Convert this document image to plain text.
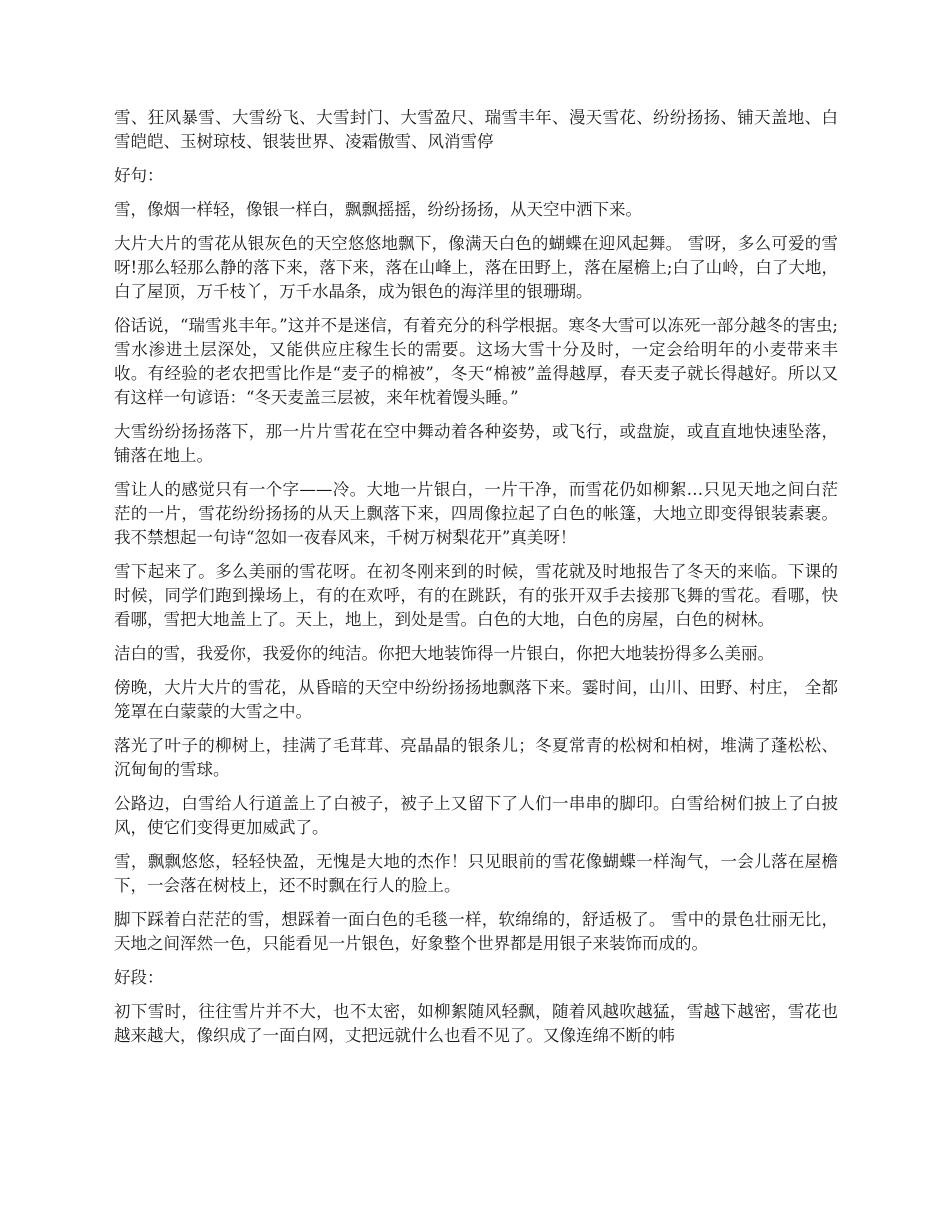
雪、狂风暴雪、大雪纷飞、大雪封门、大雪盈尺、瑞雪丰年、漫天雪花、纷纷扬扬、铺天盖地、白雪皑皑、玉树琼枝、银装世界、凌霜傲雪、风消雪停

好句：

雪，像烟一样轻，像银一样白，飘飘摇摇，纷纷扬扬，从天空中洒下来。

大片大片的雪花从银灰色的天空悠悠地飘下，像满天白色的蝴蝶在迎风起舞。 雪呀，多么可爱的雪呀!那么轻那么静的落下来，落下来，落在山峰上，落在田野上，落在屋檐上;白了山岭，白了大地，白了屋顶，万千枝丫，万千水晶条，成为银色的海洋里的银珊瑚。

俗话说，“瑞雪兆丰年。”这并不是迷信，有着充分的科学根据。寒冬大雪可以冻死一部分越冬的害虫;雪水渗进土层深处，又能供应庄稼生长的需要。这场大雪十分及时，一定会给明年的小麦带来丰收。有经验的老农把雪比作是“麦子的棉被”，冬天“棉被”盖得越厚，春天麦子就长得越好。所以又有这样一句谚语：“冬天麦盖三层被，来年枕着馒头睡。”

大雪纷纷扬扬落下，那一片片雪花在空中舞动着各种姿势，或飞行，或盘旋，或直直地快速坠落，铺落在地上。

雪让人的感觉只有一个字——冷。大地一片银白，一片干净，而雪花仍如柳絮…只见天地之间白茫茫的一片，雪花纷纷扬扬的从天上飘落下来，四周像拉起了白色的帐篷，大地立即变得银装素裹。我不禁想起一句诗“忽如一夜春风来，千树万树梨花开”真美呀！

雪下起来了。多么美丽的雪花呀。在初冬刚来到的时候，雪花就及时地报告了冬天的来临。下课的时候，同学们跑到操场上，有的在欢呼，有的在跳跃，有的张开双手去接那飞舞的雪花。看哪，快看哪，雪把大地盖上了。天上，地上，到处是雪。白色的大地，白色的房屋，白色的树林。

洁白的雪，我爱你，我爱你的纯洁。你把大地装饰得一片银白，你把大地装扮得多么美丽。

傍晚，大片大片的雪花，从昏暗的天空中纷纷扬扬地飘落下来。霎时间，山川、田野、村庄， 全都笼罩在白蒙蒙的大雪之中。

落光了叶子的柳树上，挂满了毛茸茸、亮晶晶的银条儿；冬夏常青的松树和柏树，堆满了蓬松松、沉甸甸的雪球。

公路边，白雪给人行道盖上了白被子，被子上又留下了人们一串串的脚印。白雪给树们披上了白披风，使它们变得更加威武了。

雪，飘飘悠悠，轻轻快盈，无愧是大地的杰作！只见眼前的雪花像蝴蝶一样淘气，一会儿落在屋檐下，一会落在树枝上，还不时飘在行人的脸上。

脚下踩着白茫茫的雪，想踩着一面白色的毛毯一样，软绵绵的，舒适极了。 雪中的景色壮丽无比，天地之间浑然一色，只能看见一片银色，好象整个世界都是用银子来装饰而成的。

好段：

初下雪时，往往雪片并不大，也不太密，如柳絮随风轻飘，随着风越吹越猛，雪越下越密，雪花也越来越大，像织成了一面白网，丈把远就什么也看不见了。又像连绵不断的帏
